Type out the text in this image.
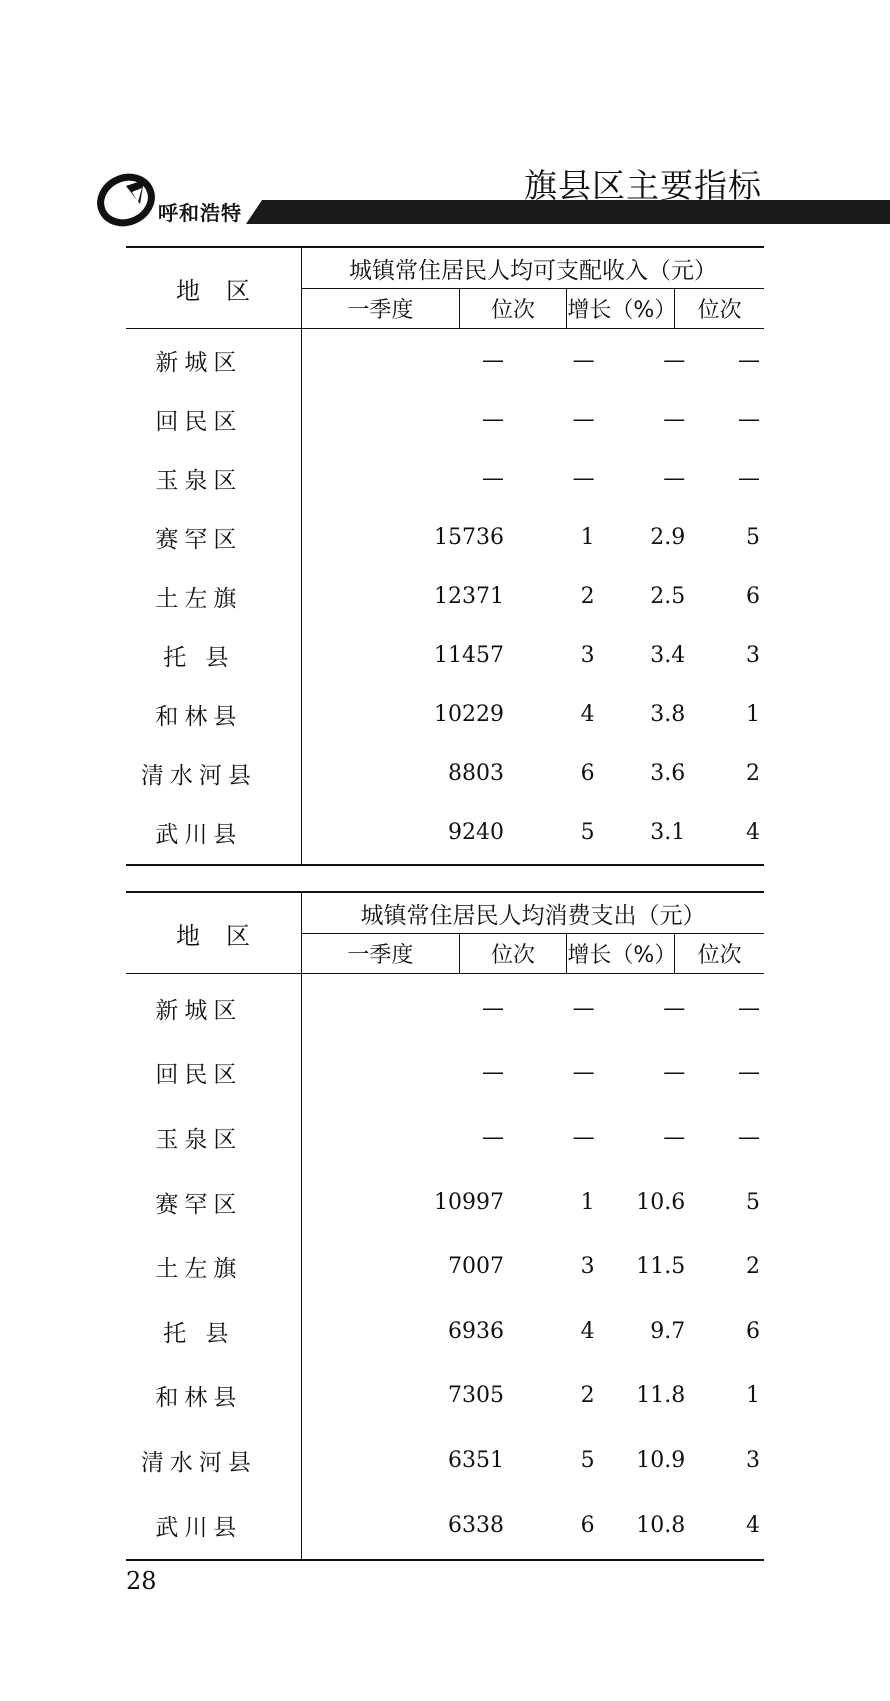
呼和浩特
旗县区主要指标
地区
城镇常住居民人均可支配收入（元）
一季度	位次	增长（%） 位次
新城区	—	—	—	—
回民区	—	—	—	—
玉泉区	—	—	—	—
赛罕区	15736	1	2.9	5
土左旗	12371	2	2.5	6
托 县	11457	3	3.4	3
和林县	10229	4	3.8	1
清水河县	8803	6	3.6	2
武川县	9240	5	3.1	4
地区
城镇常住居民人均消费支出（元）
一季度	位次	增长（%） 位次
新城区	—	—	—	—
回民区	—	—	—	—
玉泉区	—	—	—	—
赛罕区	10997	1	10.6	5
土左旗	7007	3	11.5	2
托 县	6936	4	9.7	6
和林县	7305	2	11.8	1
清水河县	6351	5	10.9	3
武川县	6338	6	10.8	4
28
